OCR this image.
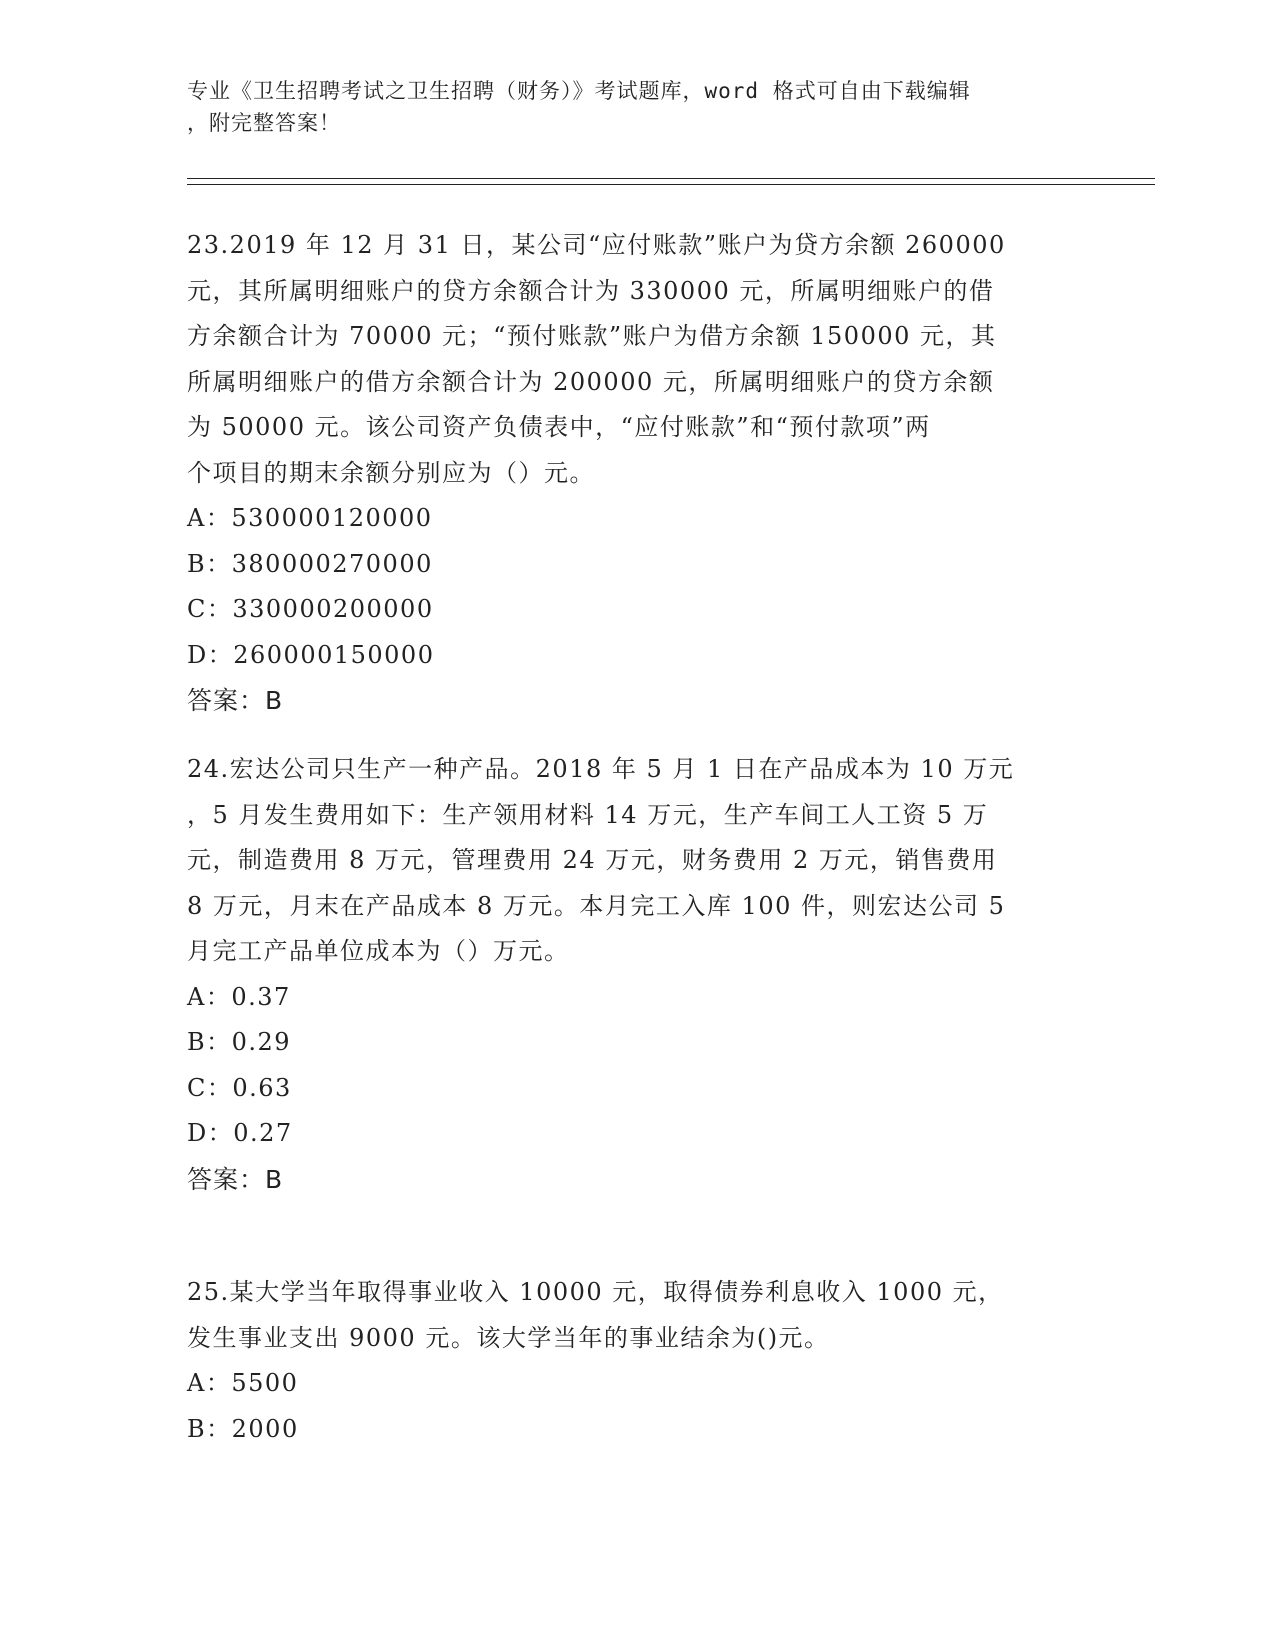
专业《卫生招聘考试之卫生招聘（财务）》考试题库，word 格式可自由下载编辑
，附完整答案！
23.2019 年 12 月 31 日，某公司“应付账款”账户为贷方余额 260000
元，其所属明细账户的贷方余额合计为 330000 元，所属明细账户的借
方余额合计为 70000 元；“预付账款”账户为借方余额 150000 元，其
所属明细账户的借方余额合计为 200000 元，所属明细账户的贷方余额
为 50000 元。该公司资产负债表中，“应付账款”和“预付款项”两
个项目的期末余额分别应为（）元。
A：530000120000
B：380000270000
C：330000200000
D：260000150000
答案：B
24.宏达公司只生产一种产品。2018 年 5 月 1 日在产品成本为 10 万元
，5 月发生费用如下：生产领用材料 14 万元，生产车间工人工资 5 万
元，制造费用 8 万元，管理费用 24 万元，财务费用 2 万元，销售费用
8 万元，月末在产品成本 8 万元。本月完工入库 100 件，则宏达公司 5
月完工产品单位成本为（）万元。
A：0.37
B：0.29
C：0.63
D：0.27
答案：B
25.某大学当年取得事业收入 10000 元，取得债券利息收入 1000 元，
发生事业支出 9000 元。该大学当年的事业结余为()元。
A：5500
B：2000
